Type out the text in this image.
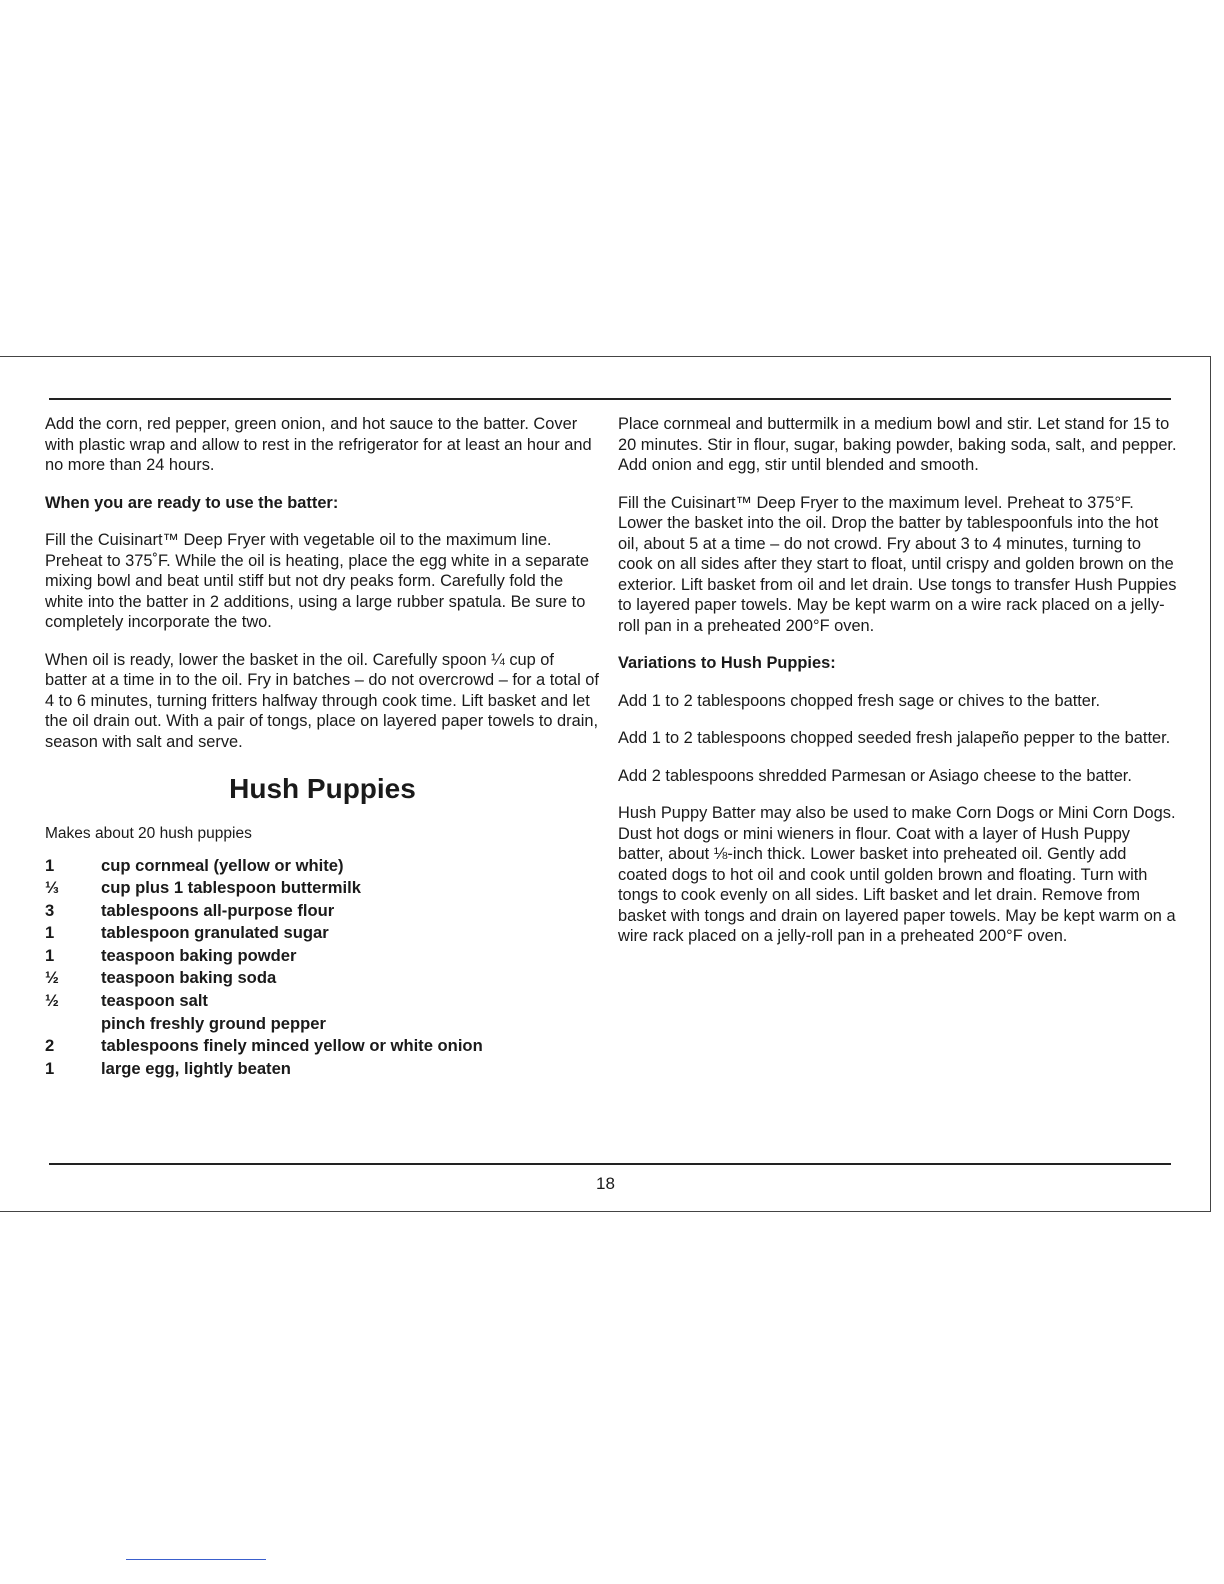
Add the corn, red pepper, green onion, and hot sauce to the batter. Cover with plastic wrap and allow to rest in the refrigerator for at least an hour and no more than 24 hours.

When you are ready to use the batter:

Fill the Cuisinart™ Deep Fryer with vegetable oil to the maximum line. Preheat to 375˚F. While the oil is heating, place the egg white in a separate mixing bowl and beat until stiff but not dry peaks form. Carefully fold the white into the batter in 2 additions, using a large rubber spatula. Be sure to completely incorporate the two.

When oil is ready, lower the basket in the oil. Carefully spoon ¼ cup of batter at a time in to the oil. Fry in batches – do not overcrowd – for a total of 4 to 6 minutes, turning fritters halfway through cook time. Lift basket and let the oil drain out. With a pair of tongs, place on layered paper towels to drain, season with salt and serve.

Hush Puppies
Makes about 20 hush puppies
1	cup cornmeal (yellow or white)
⅓	cup plus 1 tablespoon buttermilk
3	tablespoons all-purpose flour
1	tablespoon granulated sugar
1	teaspoon baking powder
½	teaspoon baking soda
½	teaspoon salt
pinch freshly ground pepper
2	tablespoons finely minced yellow or white onion
1	large egg, lightly beaten

Place cornmeal and buttermilk in a medium bowl and stir. Let stand for 15 to 20 minutes. Stir in flour, sugar, baking powder, baking soda, salt, and pepper. Add onion and egg, stir until blended and smooth.

Fill the Cuisinart™ Deep Fryer to the maximum level. Preheat to 375°F. Lower the basket into the oil. Drop the batter by tablespoonfuls into the hot oil, about 5 at a time – do not crowd. Fry about 3 to 4 minutes, turning to cook on all sides after they start to float, until crispy and golden brown on the exterior. Lift basket from oil and let drain. Use tongs to transfer Hush Puppies to layered paper towels. May be kept warm on a wire rack placed on a jelly-roll pan in a preheated 200°F oven.

Variations to Hush Puppies:

Add 1 to 2 tablespoons chopped fresh sage or chives to the batter.

Add 1 to 2 tablespoons chopped seeded fresh jalapeño pepper to the batter.

Add 2 tablespoons shredded Parmesan or Asiago cheese to the batter.

Hush Puppy Batter may also be used to make Corn Dogs or Mini Corn Dogs. Dust hot dogs or mini wieners in flour. Coat with a layer of Hush Puppy batter, about ⅛-inch thick. Lower basket into preheated oil. Gently add coated dogs to hot oil and cook until golden brown and floating. Turn with tongs to cook evenly on all sides. Lift basket and let drain. Remove from basket with tongs and drain on layered paper towels. May be kept warm on a wire rack placed on a jelly-roll pan in a preheated 200°F oven.

18
